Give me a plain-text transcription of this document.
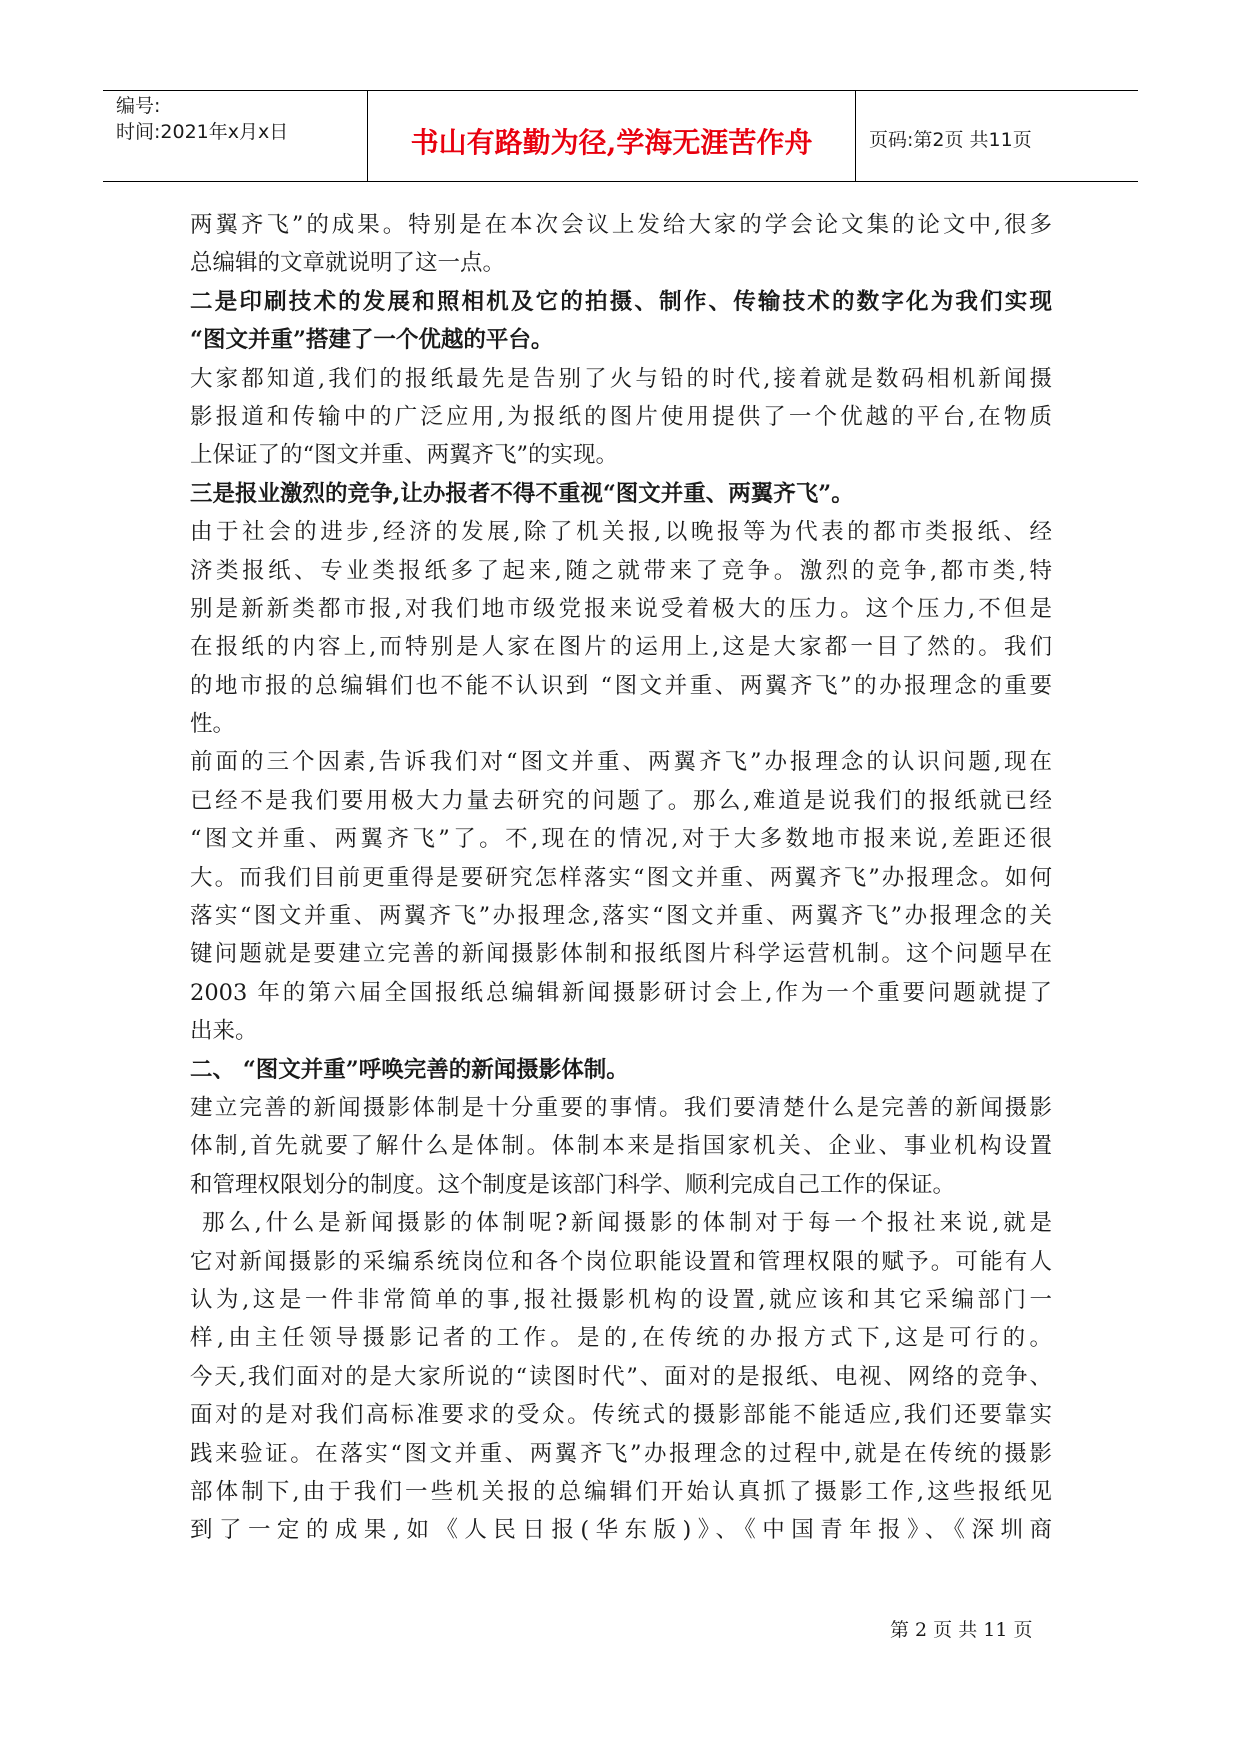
编号:
时间:2021年x月x日	书山有路勤为径,学海无涯苦作舟	页码:第2页 共11页
两翼齐飞”的成果。特别是在本次会议上发给大家的学会论文集的论文中,很多
总编辑的文章就说明了这一点。
二是印刷技术的发展和照相机及它的拍摄、制作、传输技术的数字化为我们实现
“图文并重”搭建了一个优越的平台。
大家都知道,我们的报纸最先是告别了火与铅的时代,接着就是数码相机新闻摄
影报道和传输中的广泛应用,为报纸的图片使用提供了一个优越的平台,在物质
上保证了的“图文并重、两翼齐飞”的实现。
三是报业激烈的竞争,让办报者不得不重视“图文并重、两翼齐飞”。
由于社会的进步,经济的发展,除了机关报,以晚报等为代表的都市类报纸、经
济类报纸、专业类报纸多了起来,随之就带来了竞争。激烈的竞争,都市类,特
别是新新类都市报,对我们地市级党报来说受着极大的压力。这个压力,不但是
在报纸的内容上,而特别是人家在图片的运用上,这是大家都一目了然的。我们
的地市报的总编辑们也不能不认识到 “图文并重、两翼齐飞”的办报理念的重要
性。
前面的三个因素,告诉我们对“图文并重、两翼齐飞”办报理念的认识问题,现在
已经不是我们要用极大力量去研究的问题了。那么,难道是说我们的报纸就已经
“图文并重、两翼齐飞”了。不,现在的情况,对于大多数地市报来说,差距还很
大。而我们目前更重得是要研究怎样落实“图文并重、两翼齐飞”办报理念。如何
落实“图文并重、两翼齐飞”办报理念,落实“图文并重、两翼齐飞”办报理念的关
键问题就是要建立完善的新闻摄影体制和报纸图片科学运营机制。这个问题早在
2003 年的第六届全国报纸总编辑新闻摄影研讨会上,作为一个重要问题就提了
出来。
二、 “图文并重”呼唤完善的新闻摄影体制。
建立完善的新闻摄影体制是十分重要的事情。我们要清楚什么是完善的新闻摄影
体制,首先就要了解什么是体制。体制本来是指国家机关、企业、事业机构设置
和管理权限划分的制度。这个制度是该部门科学、顺利完成自己工作的保证。
那么,什么是新闻摄影的体制呢?新闻摄影的体制对于每一个报社来说,就是
它对新闻摄影的采编系统岗位和各个岗位职能设置和管理权限的赋予。可能有人
认为,这是一件非常简单的事,报社摄影机构的设置,就应该和其它采编部门一
样,由主任领导摄影记者的工作。是的,在传统的办报方式下,这是可行的。
今天,我们面对的是大家所说的“读图时代”、面对的是报纸、电视、网络的竞争、
面对的是对我们高标准要求的受众。传统式的摄影部能不能适应,我们还要靠实
践来验证。在落实“图文并重、两翼齐飞”办报理念的过程中,就是在传统的摄影
部体制下,由于我们一些机关报的总编辑们开始认真抓了摄影工作,这些报纸见
到了一定的成果,如《人民日报(华东版)》、《中国青年报》、《深圳商
第 2 页 共 11 页
